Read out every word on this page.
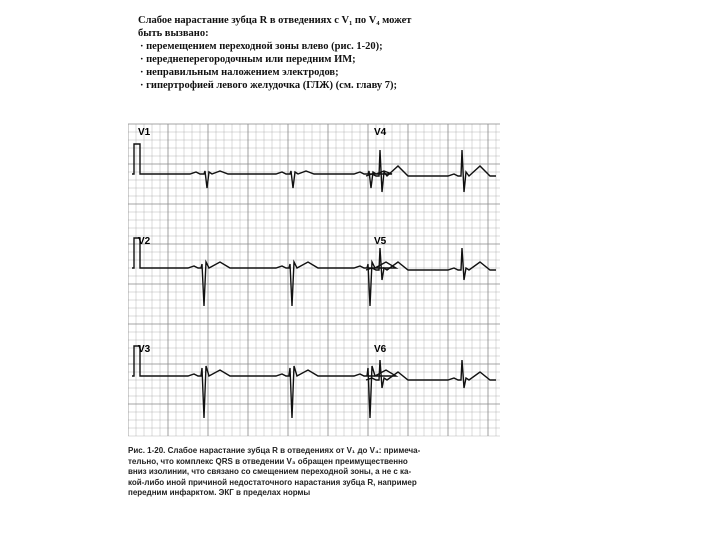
Слабое нарастание зубца R в отведениях с V₁ по V₄ может
быть вызвано:
· перемещением переходной зоны влево (рис. 1-20);
· переднеперегородочным или передним ИМ;
· неправильным наложением электродов;
· гипертрофией левого желудочка (ГЛЖ) (см. главу 7);
V1
V2
V3
V4
V5
V6
Рис. 1-20. Слабое нарастание зубца R в отведениях от V₁ до V₄: примеча-
тельно, что комплекс QRS в отведении V₃ обращен преимущественно
вниз изолинии, что связано со смещением переходной зоны, а не с ка-
кой-либо иной причиной недостаточного нарастания зубца R, например
передним инфарктом. ЭКГ в пределах нормы
